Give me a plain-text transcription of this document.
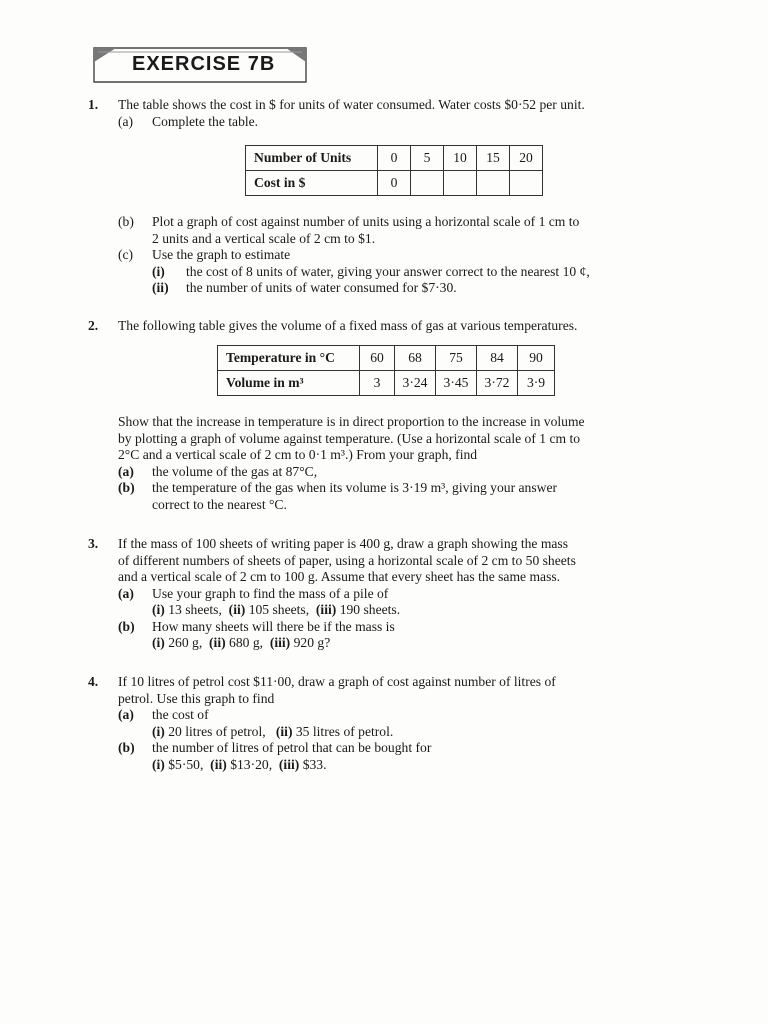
EXERCISE 7B
1. The table shows the cost in $ for units of water consumed. Water costs $0·52 per unit.
(a) Complete the table.
Number of Units	0	5	10	15	20
Cost in $	0				
(b) Plot a graph of cost against number of units using a horizontal scale of 1 cm to
2 units and a vertical scale of 2 cm to $1.
(c) Use the graph to estimate
(i) the cost of 8 units of water, giving your answer correct to the nearest 10 ¢,
(ii) the number of units of water consumed for $7·30.
2. The following table gives the volume of a fixed mass of gas at various temperatures.
Temperature in °C	60	68	75	84	90
Volume in m³	3	3·24	3·45	3·72	3·9
Show that the increase in temperature is in direct proportion to the increase in volume
by plotting a graph of volume against temperature. (Use a horizontal scale of 1 cm to
2°C and a vertical scale of 2 cm to 0·1 m³.) From your graph, find
(a) the volume of the gas at 87°C,
(b) the temperature of the gas when its volume is 3·19 m³, giving your answer
correct to the nearest °C.
3. If the mass of 100 sheets of writing paper is 400 g, draw a graph showing the mass
of different numbers of sheets of paper, using a horizontal scale of 2 cm to 50 sheets
and a vertical scale of 2 cm to 100 g. Assume that every sheet has the same mass.
(a) Use your graph to find the mass of a pile of
(i) 13 sheets, (ii) 105 sheets, (iii) 190 sheets.
(b) How many sheets will there be if the mass is
(i) 260 g, (ii) 680 g, (iii) 920 g?
4. If 10 litres of petrol cost $11·00, draw a graph of cost against number of litres of
petrol. Use this graph to find
(a) the cost of
(i) 20 litres of petrol, (ii) 35 litres of petrol.
(b) the number of litres of petrol that can be bought for
(i) $5·50, (ii) $13·20, (iii) $33.
